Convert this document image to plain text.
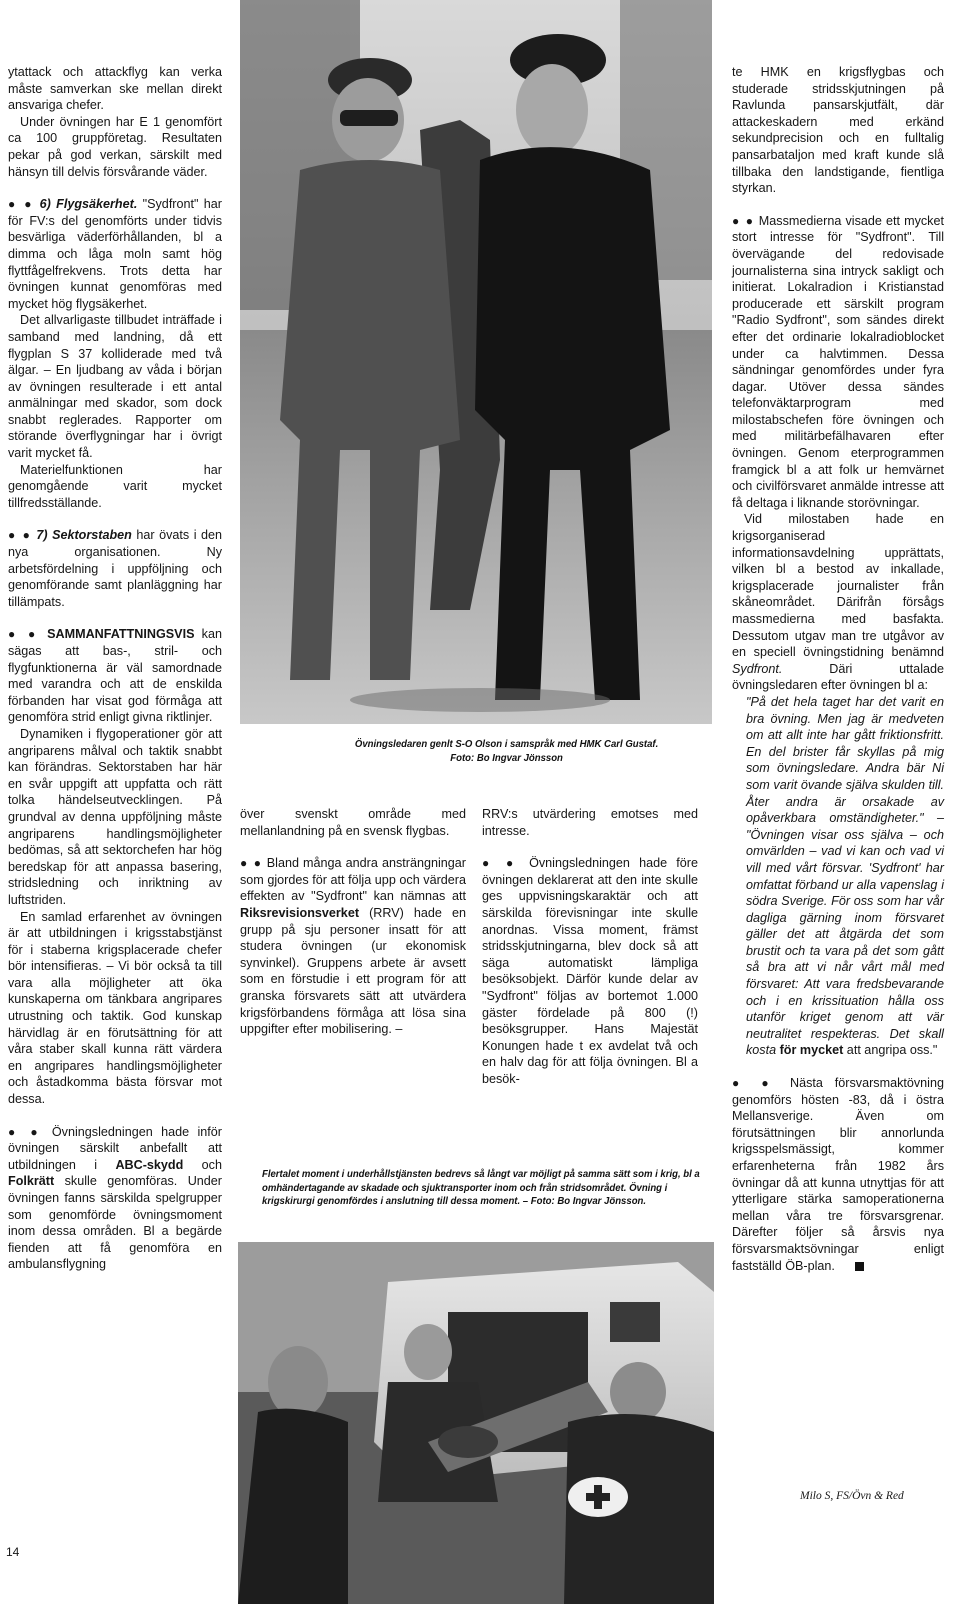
ytattack och attackflyg kan verka måste samverkan ske mellan direkt ansvariga chefer.

Under övningen har E 1 genomfört ca 100 gruppföretag. Resultaten pekar på god verkan, särskilt med hänsyn till delvis försvårande väder.

● ● 6) Flygsäkerhet. "Sydfront" har för FV:s del genomförts under tidvis besvärliga väderförhållanden, bl a dimma och låga moln samt hög flyttfågelfrekvens. Trots detta har övningen kunnat genomföras med mycket hög flygsäkerhet.

Det allvarligaste tillbudet inträffade i samband med landning, då ett flygplan S 37 kolliderade med två älgar. – En ljudbang av våda i början av övningen resulterade i ett antal anmälningar med skador, som dock snabbt reglerades. Rapporter om störande överflygningar har i övrigt varit mycket få.

Materielfunktionen har genomgående varit mycket tillfredsställande.

● ● 7) Sektorstaben har övats i den nya organisationen. Ny arbetsfördelning i uppföljning och genomförande samt planläggning har tillämpats.

● ● SAMMANFATTNINGSVIS kan sägas att bas-, stril- och flygfunktionerna är väl samordnade med varandra och att de enskilda förbanden har visat god förmåga att genomföra strid enligt givna riktlinjer.

Dynamiken i flygoperationer gör att angriparens målval och taktik snabbt kan förändras. Sektorstaben har här en svår uppgift att uppfatta och rätt tolka händelseutvecklingen. På grundval av denna uppföljning måste angriparens handlingsmöjligheter bedömas, så att sektorchefen har hög beredskap för att anpassa basering, stridsledning och inriktning av luftstriden.

En samlad erfarenhet av övningen är att utbildningen i krigsstabstjänst för i staberna krigsplacerade chefer bör intensifieras. – Vi bör också ta till vara alla möjligheter att öka kunskaperna om tänkbara angripares utrustning och taktik. God kunskap härvidlag är en förutsättning för att våra staber skall kunna rätt värdera en angripares handlingsmöjligheter och åstadkomma bästa försvar mot dessa.

● ● Övningsledningen hade inför övningen särskilt anbefallt att utbildningen i ABC-skydd och Folkrätt skulle genomföras. Under övningen fanns särskilda spelgrupper som genomförde övningsmoment inom dessa områden. Bl a begärde fienden att få genomföra en ambulansflygning

Övningsledaren genlt S-O Olson i samspråk med HMK Carl Gustaf.
Foto: Bo Ingvar Jönsson

över svenskt område med mellanlandning på en svensk flygbas.

● ● Bland många andra ansträngningar som gjordes för att följa upp och värdera effekten av "Sydfront" kan nämnas att Riksrevisionsverket (RRV) hade en grupp på sju personer insatt för att studera övningen (ur ekonomisk synvinkel). Gruppens arbete är avsett som en förstudie i ett program för att granska försvarets sätt att utvärdera krigsförbandens förmåga att lösa sina uppgifter efter mobilisering. –

RRV:s utvärdering emotses med intresse.

● ● Övningsledningen hade före övningen deklarerat att den inte skulle ges uppvisningskaraktär och att särskilda förevisningar inte skulle anordnas. Vissa moment, främst stridsskjutningarna, blev dock så att säga automatiskt lämpliga besöksobjekt. Därför kunde delar av "Sydfront" följas av bortemot 1.000 gäster fördelade på 800 (!) besöksgrupper. Hans Majestät Konungen hade t ex avdelat två och en halv dag för att följa övningen. Bl a besök-

Flertalet moment i underhållstjänsten bedrevs så långt var möjligt på samma sätt som i krig, bl a omhändertagande av skadade och sjuktransporter inom och från stridsområdet. Övning i krigskirurgi genomfördes i anslutning till dessa moment. – Foto: Bo Ingvar Jönsson.

te HMK en krigsflygbas och studerade stridsskjutningen på Ravlunda pansarskjutfält, där attackeskadern med erkänd sekundprecision och en fulltalig pansarbataljon med kraft kunde slå tillbaka den landstigande, fientliga styrkan.

● ● Massmedierna visade ett mycket stort intresse för "Sydfront". Till övervägande del redovisade journalisterna sina intryck sakligt och initierat. Lokalradion i Kristianstad producerade ett särskilt program "Radio Sydfront", som sändes direkt efter det ordinarie lokalradioblocket under ca halvtimmen. Dessa sändningar genomfördes under fyra dagar. Utöver dessa sändes telefonväktarprogram med milostabschefen före övningen och med militärbefälhavaren efter övningen. Genom eterprogrammen framgick bl a att folk ur hemvärnet och civilförsvaret anmälde intresse att få deltaga i liknande storövningar.

Vid milostaben hade en krigsorganiserad informationsavdelning upprättats, vilken bl a bestod av inkallade, krigsplacerade journalister från skåneområdet. Därifrån försågs massmedierna med basfakta. Dessutom utgav man tre utgåvor av en speciell övningstidning benämnd Sydfront. Däri uttalade övningsledaren efter övningen bl a:

"På det hela taget har det varit en bra övning. Men jag är medveten om att allt inte har gått friktionsfritt. En del brister får skyllas på mig som övningsledare. Andra bär Ni som varit övande själva skulden till. Åter andra är orsakade av opåverkbara omständigheter." – "Övningen visar oss själva – och omvärlden – vad vi kan och vad vi vill med vårt försvar. 'Sydfront' har omfattat förband ur alla vapenslag i södra Sverige. För oss som har vår dagliga gärning inom försvaret gäller det att åtgärda det som brustit och ta vara på det som gått så bra att vi når vårt mål med försvaret: Att vara fredsbevarande och i en krissituation hålla oss utanför kriget genom att vär neutralitet respekteras. Det skall kosta för mycket att angripa oss."

● ● Nästa försvarsmaktövning genomförs hösten -83, då i östra Mellansverige. Även om förutsättningen blir annorlunda krigsspelsmässigt, kommer erfarenheterna från 1982 års övningar då att kunna utnyttjas för att ytterligare stärka samoperationerna mellan våra tre försvarsgrenar. Därefter följer så årsvis nya försvarsmaktsövningar enligt fastställd ÖB-plan.

Milo S, FS/Övn & Red
14
